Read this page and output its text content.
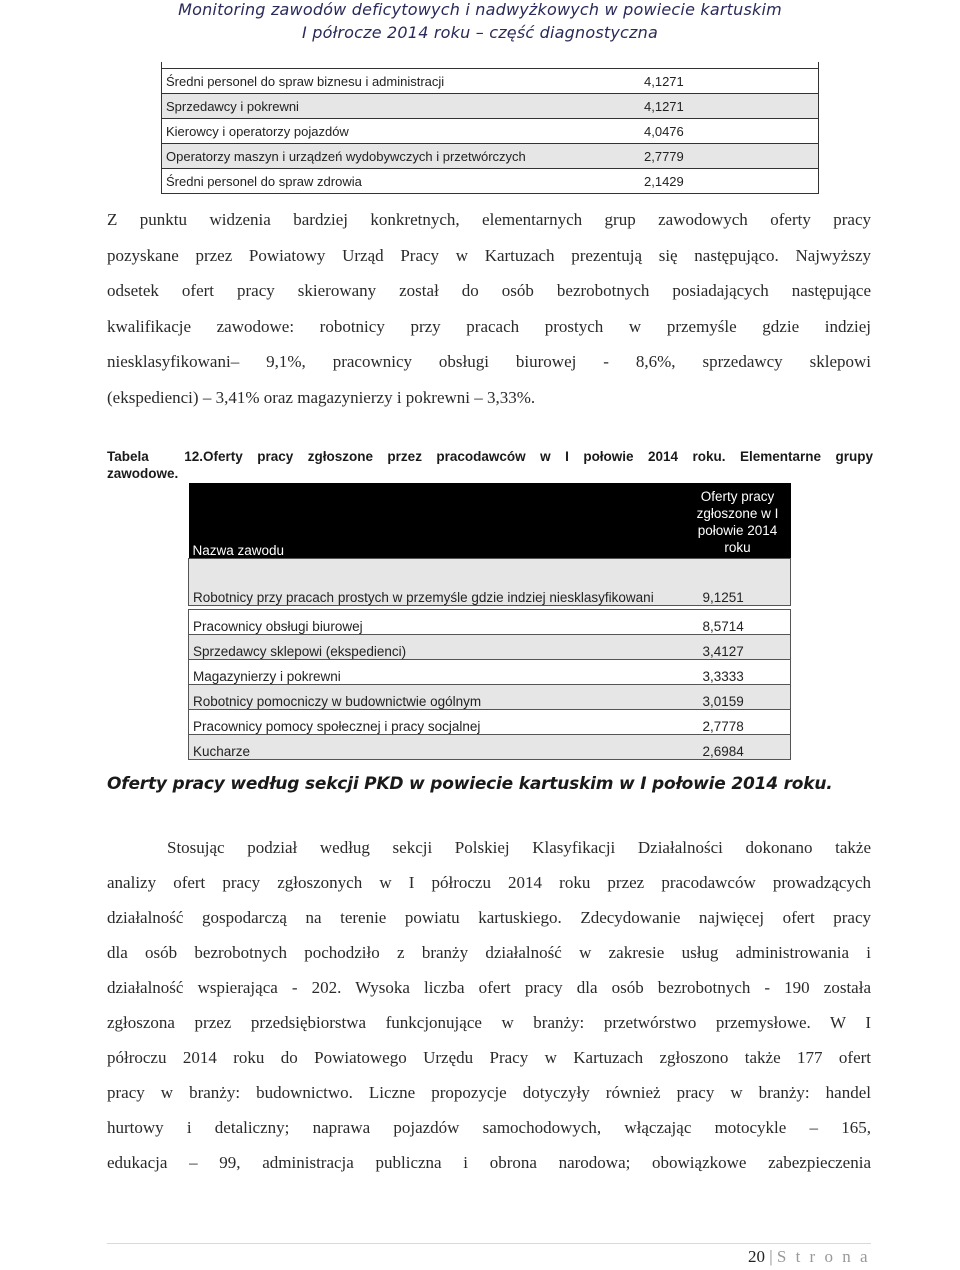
Monitoring zawodów deficytowych i nadwyżkowych w powiecie kartuskim
I półrocze 2014 roku – część diagnostyczna
Średni personel do spraw biznesu i administracji	4,1271
Sprzedawcy i pokrewni	4,1271
Kierowcy i operatorzy pojazdów	4,0476
Operatorzy maszyn i urządzeń wydobywczych i przetwórczych	2,7779
Średni personel do spraw zdrowia	2,1429
Z punktu widzenia bardziej konkretnych, elementarnych grup zawodowych oferty pracy
pozyskane przez Powiatowy Urząd Pracy w Kartuzach prezentują się następująco. Najwyższy
odsetek ofert pracy skierowany został do osób bezrobotnych posiadających następujące
kwalifikacje zawodowe: robotnicy przy pracach prostych w przemyśle gdzie indziej
niesklasyfikowani– 9,1%, pracownicy obsługi biurowej - 8,6%, sprzedawcy sklepowi
(ekspedienci) – 3,41% oraz magazynierzy i pokrewni – 3,33%.
Tabela 12.Oferty pracy zgłoszone przez pracodawców w I połowie 2014 roku. Elementarne grupy
zawodowe.
Nazwa zawodu	Oferty pracy zgłoszone w I połowie 2014 roku
Robotnicy przy pracach prostych w przemyśle gdzie indziej niesklasyfikowani	9,1251

Pracownicy obsługi biurowej	8,5714
Sprzedawcy sklepowi (ekspedienci)	3,4127
Magazynierzy i pokrewni	3,3333
Robotnicy pomocniczy w budownictwie ogólnym	3,0159
Pracownicy pomocy społecznej i pracy socjalnej	2,7778
Kucharze	2,6984
Oferty pracy według sekcji PKD w powiecie kartuskim w I połowie 2014 roku.
Stosując podział według sekcji Polskiej Klasyfikacji Działalności dokonano także
analizy ofert pracy zgłoszonych w I półroczu 2014 roku przez pracodawców prowadzących
działalność gospodarczą na terenie powiatu kartuskiego. Zdecydowanie najwięcej ofert pracy
dla osób bezrobotnych pochodziło z branży działalność w zakresie usług administrowania i
działalność wspierająca - 202. Wysoka liczba ofert pracy dla osób bezrobotnych - 190 została
zgłoszona przez przedsiębiorstwa funkcjonujące w branży: przetwórstwo przemysłowe. W I
półroczu 2014 roku do Powiatowego Urzędu Pracy w Kartuzach zgłoszono także 177 ofert
pracy w branży: budownictwo. Liczne propozycje dotyczyły również pracy w branży: handel
hurtowy i detaliczny; naprawa pojazdów samochodowych, włączając motocykle – 165,
edukacja – 99, administracja publiczna i obrona narodowa; obowiązkowe zabezpieczenia
20 | S t r o n a
